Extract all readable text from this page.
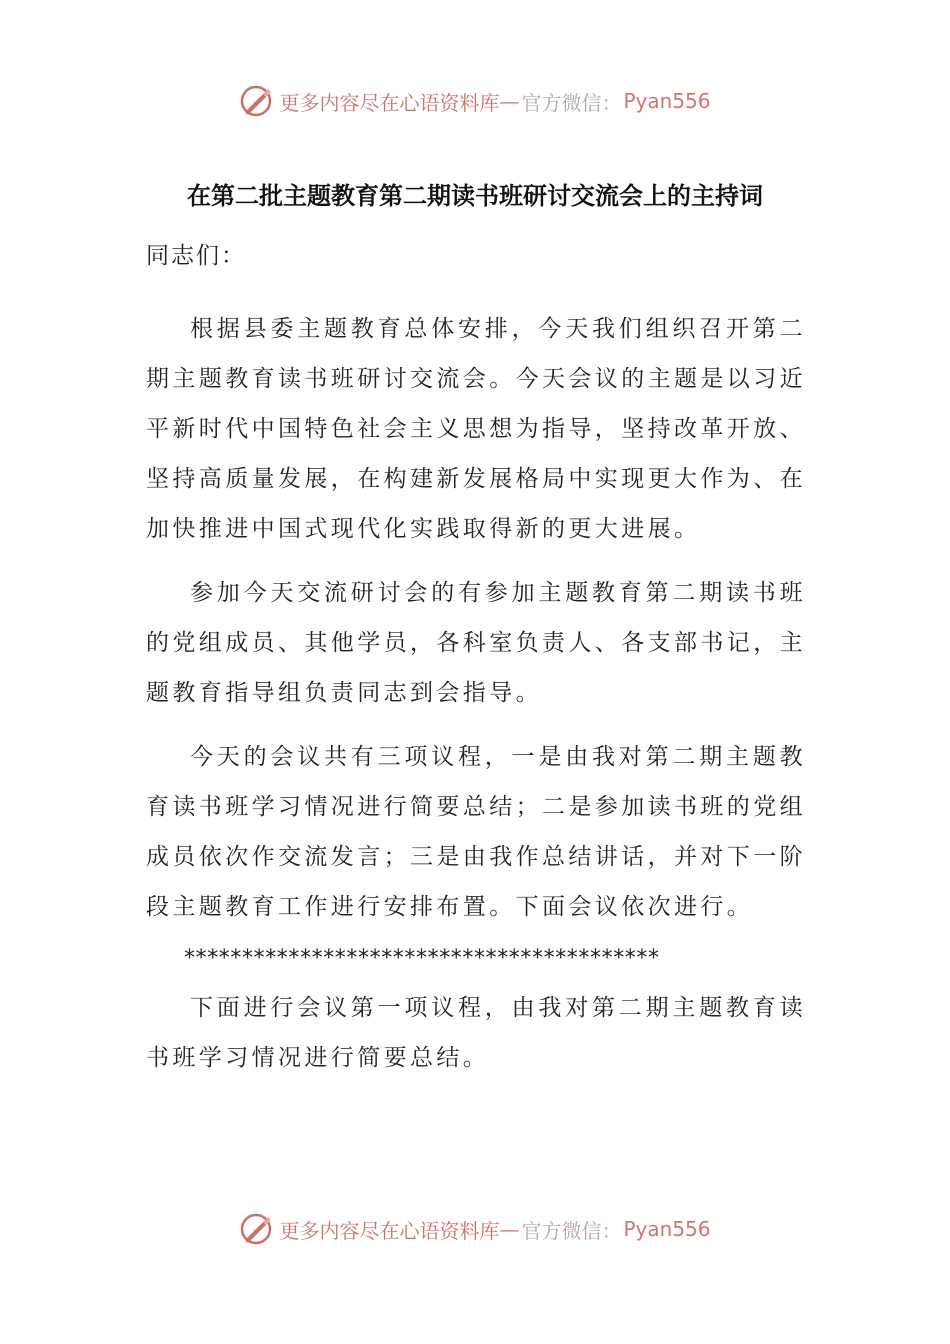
更多内容尽在心语资料库 — 官方微信： Pyan556
在第二批主题教育第二期读书班研讨交流会上的主持词
同志们：

根据县委主题教育总体安排，今天我们组织召开第二期主题教育读书班研讨交流会。今天会议的主题是以习近平新时代中国特色社会主义思想为指导，坚持改革开放、坚持高质量发展，在构建新发展格局中实现更大作为、在加快推进中国式现代化实践取得新的更大进展。

参加今天交流研讨会的有参加主题教育第二期读书班的党组成员、其他学员，各科室负责人、各支部书记，主题教育指导组负责同志到会指导。

今天的会议共有三项议程，一是由我对第二期主题教育读书班学习情况进行简要总结；二是参加读书班的党组成员依次作交流发言；三是由我作总结讲话，并对下一阶段主题教育工作进行安排布置。下面会议依次进行。

*****************************************

下面进行会议第一项议程，由我对第二期主题教育读书班学习情况进行简要总结。

更多内容尽在心语资料库 — 官方微信： Pyan556
